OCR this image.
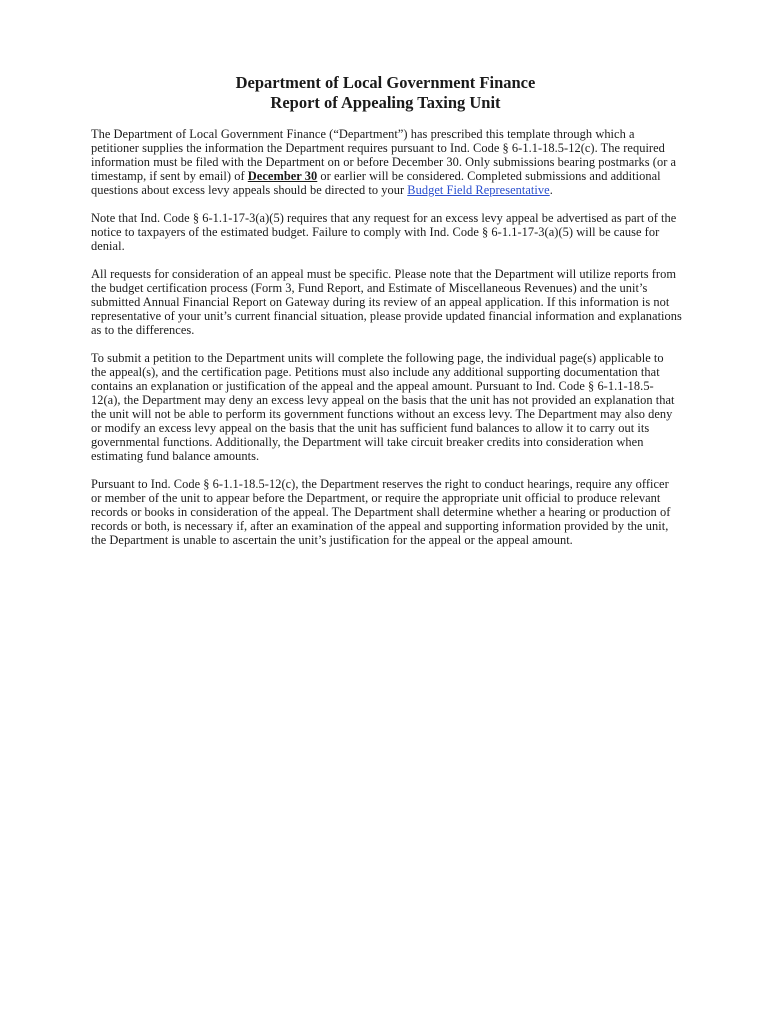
Department of Local Government Finance
Report of Appealing Taxing Unit

The Department of Local Government Finance (“Department”) has prescribed this template through which a petitioner supplies the information the Department requires pursuant to Ind. Code § 6-1.1-18.5-12(c). The required information must be filed with the Department on or before December 30. Only submissions bearing postmarks (or a timestamp, if sent by email) of December 30 or earlier will be considered. Completed submissions and additional questions about excess levy appeals should be directed to your Budget Field Representative.

Note that Ind. Code § 6-1.1-17-3(a)(5) requires that any request for an excess levy appeal be advertised as part of the notice to taxpayers of the estimated budget. Failure to comply with Ind. Code § 6-1.1-17-3(a)(5) will be cause for denial.

All requests for consideration of an appeal must be specific. Please note that the Department will utilize reports from the budget certification process (Form 3, Fund Report, and Estimate of Miscellaneous Revenues) and the unit’s submitted Annual Financial Report on Gateway during its review of an appeal application. If this information is not representative of your unit’s current financial situation, please provide updated financial information and explanations as to the differences.

To submit a petition to the Department units will complete the following page, the individual page(s) applicable to the appeal(s), and the certification page. Petitions must also include any additional supporting documentation that contains an explanation or justification of the appeal and the appeal amount. Pursuant to Ind. Code § 6-1.1-18.5-12(a), the Department may deny an excess levy appeal on the basis that the unit has not provided an explanation that the unit will not be able to perform its government functions without an excess levy. The Department may also deny or modify an excess levy appeal on the basis that the unit has sufficient fund balances to allow it to carry out its governmental functions. Additionally, the Department will take circuit breaker credits into consideration when estimating fund balance amounts.

Pursuant to Ind. Code § 6-1.1-18.5-12(c), the Department reserves the right to conduct hearings, require any officer or member of the unit to appear before the Department, or require the appropriate unit official to produce relevant records or books in consideration of the appeal. The Department shall determine whether a hearing or production of records or both, is necessary if, after an examination of the appeal and supporting information provided by the unit, the Department is unable to ascertain the unit’s justification for the appeal or the appeal amount.
